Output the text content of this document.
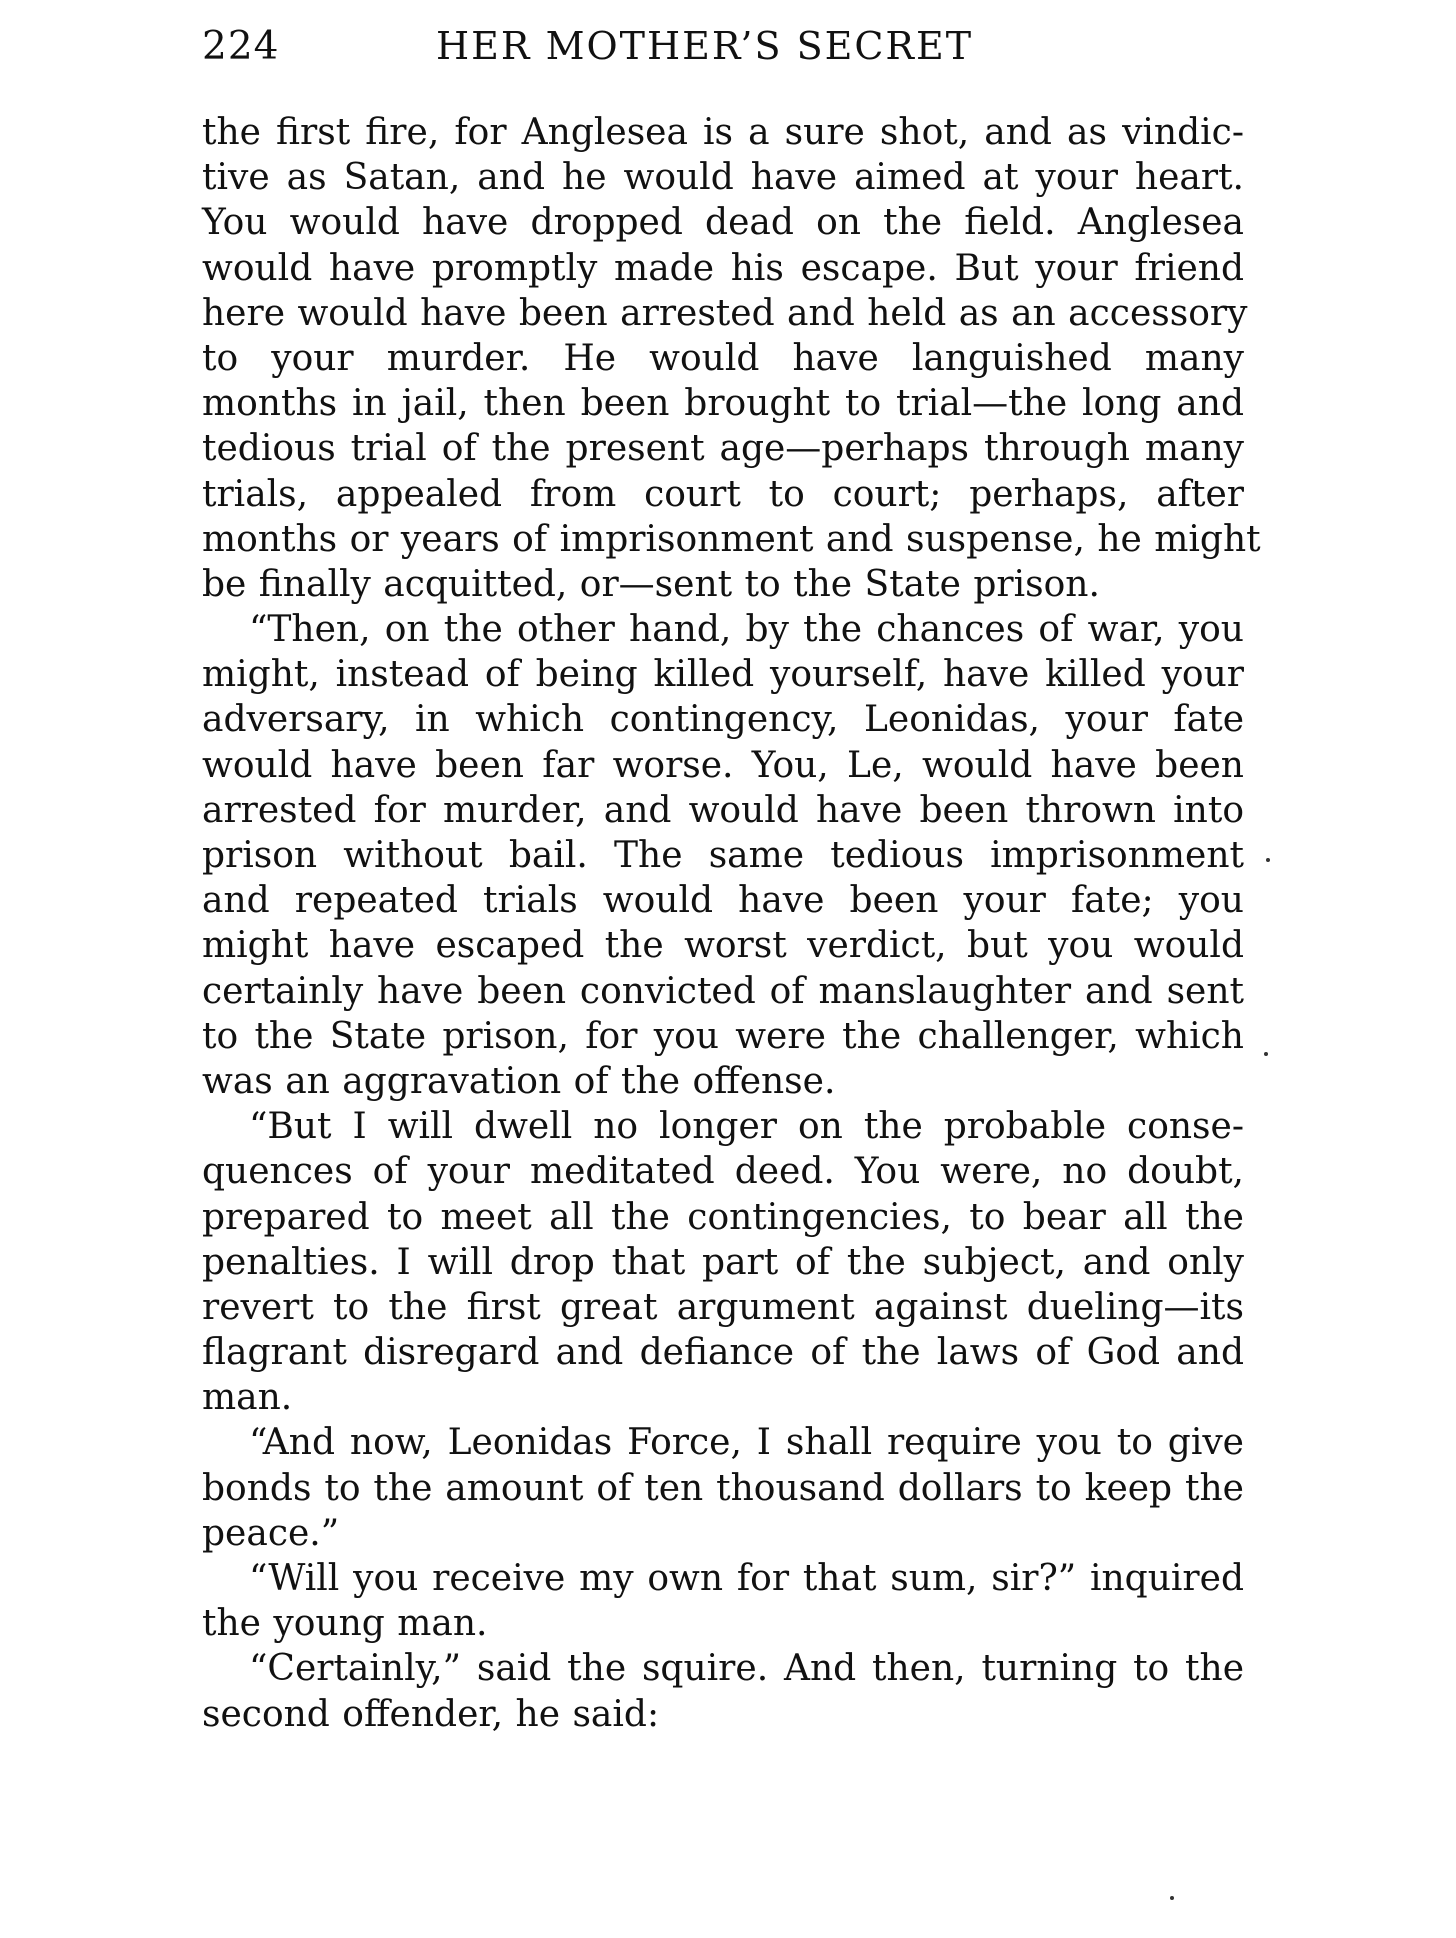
224	HER MOTHER’S SECRET
the first fire, for Anglesea is a sure shot, and as vindic-
tive as Satan, and he would have aimed at your heart.
You would have dropped dead on the field. Anglesea
would have promptly made his escape. But your friend
here would have been arrested and held as an accessory
to your murder. He would have languished many
months in jail, then been brought to trial—the long and
tedious trial of the present age—perhaps through many
trials, appealed from court to court; perhaps, after
months or years of imprisonment and suspense, he might
be finally acquitted, or—sent to the State prison.
“Then, on the other hand, by the chances of war, you
might, instead of being killed yourself, have killed your
adversary, in which contingency, Leonidas, your fate
would have been far worse. You, Le, would have been
arrested for murder, and would have been thrown into
prison without bail. The same tedious imprisonment
and repeated trials would have been your fate; you
might have escaped the worst verdict, but you would
certainly have been convicted of manslaughter and sent
to the State prison, for you were the challenger, which
was an aggravation of the offense.
“But I will dwell no longer on the probable conse-
quences of your meditated deed. You were, no doubt,
prepared to meet all the contingencies, to bear all the
penalties. I will drop that part of the subject, and only
revert to the first great argument against dueling—its
flagrant disregard and defiance of the laws of God and
man.
“And now, Leonidas Force, I shall require you to give
bonds to the amount of ten thousand dollars to keep the
peace.”
“Will you receive my own for that sum, sir?” inquired
the young man.
“Certainly,” said the squire. And then, turning to the
second offender, he said:
